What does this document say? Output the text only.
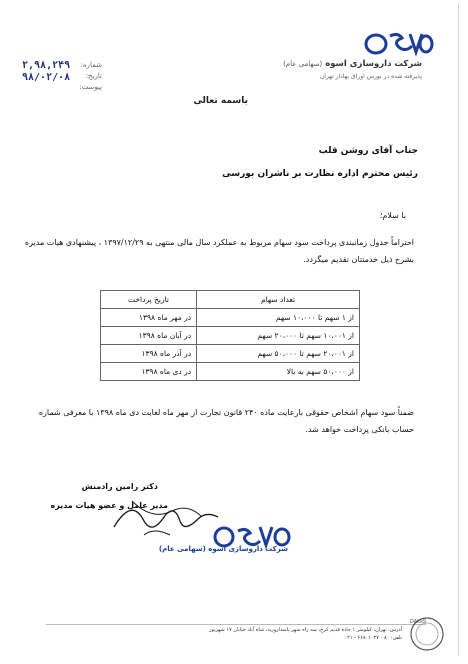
شرکت داروسازی اسوه (سهامی عام)
پذیرفته شده در بورس اوراق بهادار تهران
شماره:
تاریخ:
پیوست:
۲,۹۸,۲۴۹
۹۸/۰۲/۰۸
باسمه تعالی
جناب آقای روشن قلب
رئیس محترم اداره نظارت بر ناشران بورسی
با سلام؛
احتراماً جدول زمانبندی پرداخت سود سهام مربوط به عملکرد سال مالی منتهی به ۱۳۹۷/۱۲/۲۹ ، پیشنهادی هیات مدیره بشرح ذیل خدمتتان تقدیم میگردد.
تعداد سهام	تاریخ پرداخت
از ۱ سهم تا ۱۰،۰۰۰ سهم	در مهر ماه ۱۳۹۸
از ۱۰،۰۰۱ سهم تا ۲۰،۰۰۰ سهم	در آبان ماه ۱۳۹۸
از ۲۰،۰۰۱ سهم تا ۵۰،۰۰۰ سهم	در آذر ماه ۱۳۹۸
از ۵۰،۰۰۰ سهم به بالا	در دی ماه ۱۳۹۸
ضمناً سود سهام اشخاص حقوقی بارعایت ماده ۲۴۰ قانون تجارت از مهر ماه لغایت دی ماه ۱۳۹۸ با معرفی شماره حساب بانکی پرداخت خواهد شد.
دکتر رامین رادمنش
مدیر عامل و عضو هیات مدیره
شرکت داروسازی اسوه (سهامی عام)
آدرس: تهران، کیلومتر ۱ جاده قدیم کرج، سه راه شهر پاسداروزیه، شاه آباد خیابان ۱۷ شهریور
تلفن: ۸۰ - ۶۶۸۰۱۰۲۷ - ۰۲۱
DAkkS
